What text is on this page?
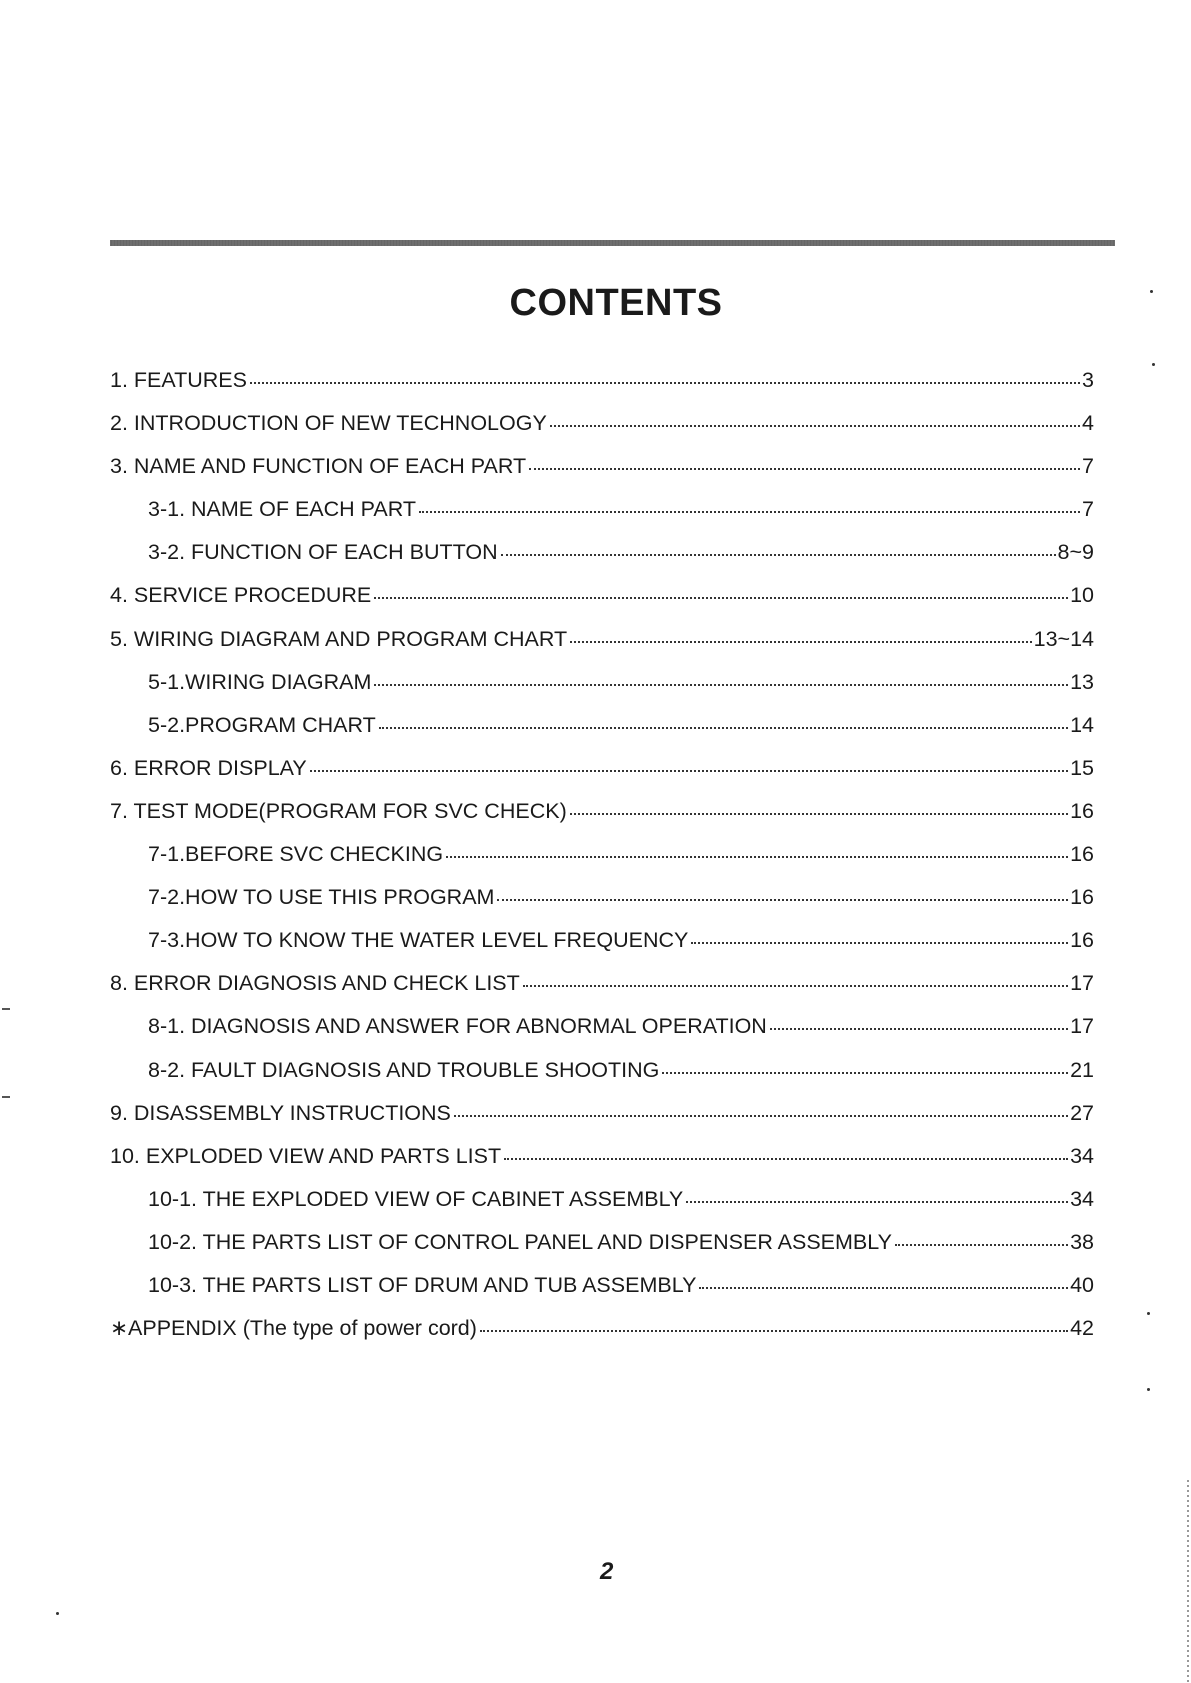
CONTENTS
1. FEATURES	3
2. INTRODUCTION OF NEW TECHNOLOGY	4
3. NAME AND FUNCTION OF EACH PART	7
3-1. NAME OF EACH PART	7
3-2. FUNCTION OF EACH BUTTON	8~9
4. SERVICE PROCEDURE	10
5. WIRING DIAGRAM AND PROGRAM CHART	13~14
5-1.WIRING DIAGRAM	13
5-2.PROGRAM CHART	14
6. ERROR DISPLAY	15
7. TEST MODE(PROGRAM FOR SVC CHECK)	16
7-1.BEFORE SVC CHECKING	16
7-2.HOW TO USE THIS PROGRAM	16
7-3.HOW TO KNOW THE WATER LEVEL FREQUENCY	16
8. ERROR DIAGNOSIS AND CHECK LIST	17
8-1. DIAGNOSIS AND ANSWER FOR ABNORMAL OPERATION	17
8-2. FAULT DIAGNOSIS AND TROUBLE SHOOTING	21
9. DISASSEMBLY INSTRUCTIONS	27
10. EXPLODED VIEW AND PARTS LIST	34
10-1. THE EXPLODED VIEW OF CABINET ASSEMBLY	34
10-2. THE PARTS LIST OF CONTROL PANEL AND DISPENSER ASSEMBLY	38
10-3. THE PARTS LIST OF DRUM AND TUB ASSEMBLY	40
∗APPENDIX (The type of power cord)	42
2
